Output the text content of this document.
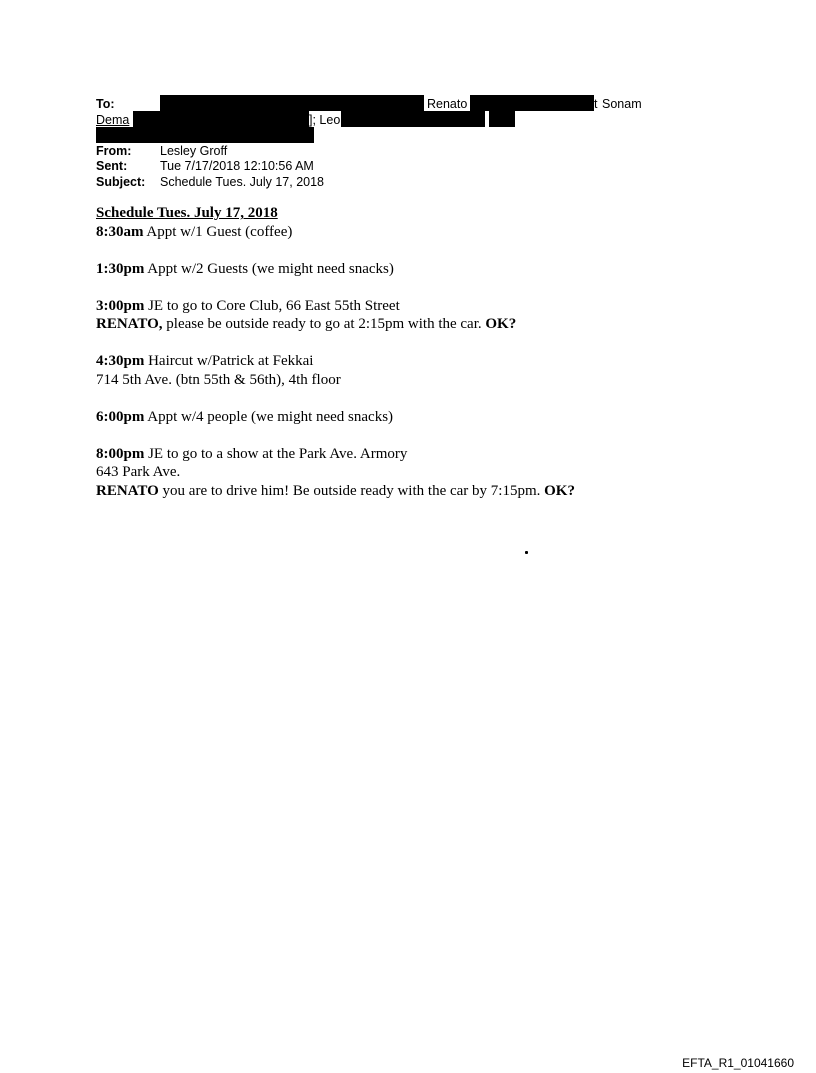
To:	Renato	t Sonam
Dema	]; Leo
From: Lesley Groff
Sent:	Tue 7/17/2018 12:10:56 AM
Subject: Schedule Tues. July 17, 2018

Schedule Tues. July 17, 2018

8:30am Appt w/1 Guest (coffee)

1:30pm Appt w/2 Guests (we might need snacks)

3:00pm JE to go to Core Club, 66 East 55th Street

RENATO, please be outside ready to go at 2:15pm with the car. OK?

4:30pm Haircut w/Patrick at Fekkai

714 5th Ave. (btn 55th & 56th), 4th floor

6:00pm Appt w/4 people (we might need snacks)

8:00pm JE to go to a show at the Park Ave. Armory

643 Park Ave.

RENATO you are to drive him! Be outside ready with the car by 7:15pm. OK?

EFTA_R1_01041660
